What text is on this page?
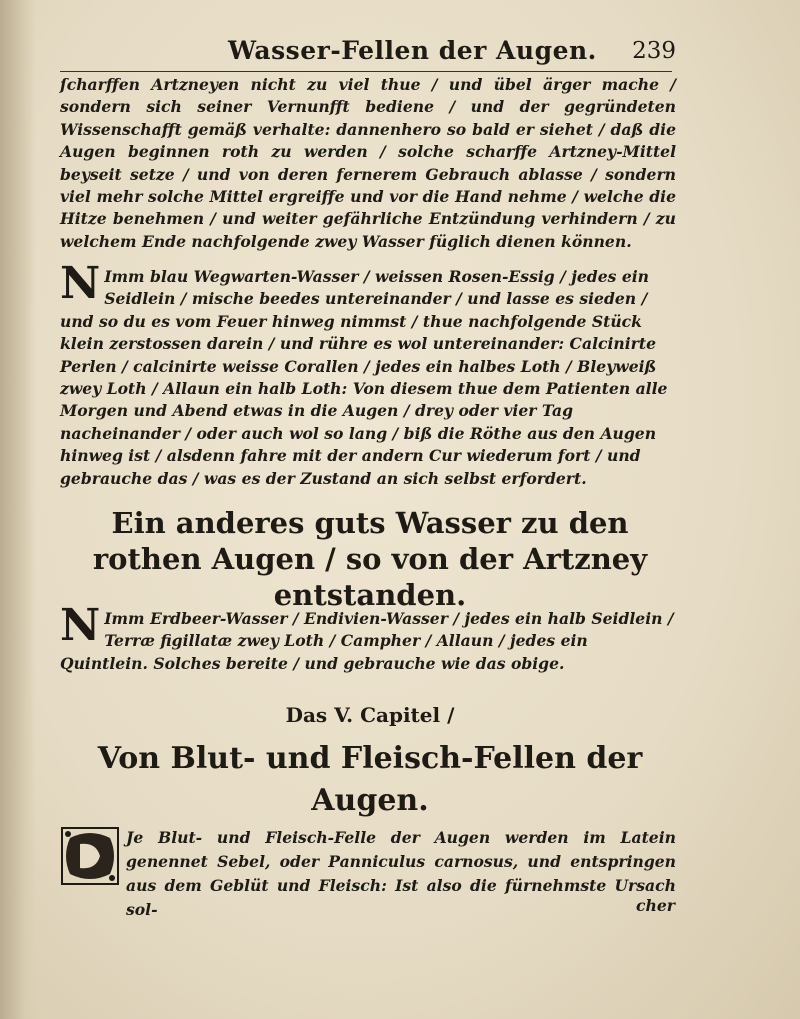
Wasser-Fellen der Augen. 239
ſcharffen Artzneyen nicht zu viel thue / und übel ärger mache / sondern sich seiner Vernunfft bediene / und der gegründeten Wissenschafft gemäß verhalte: dannenhero so bald er siehet / daß die Augen beginnen roth zu werden / solche scharffe Artzney-Mittel beyseit setze / und von deren fernerem Gebrauch ablasse / sondern viel mehr solche Mittel ergreiffe und vor die Hand nehme / welche die Hitze benehmen / und weiter gefährliche Entzündung verhindern / zu welchem Ende nachfolgende zwey Wasser füglich dienen können.
N Imm blau Wegwarten-Wasser / weissen Rosen-Essig / jedes ein Seidlein / mische beedes untereinander / und lasse es sieden / und so du es vom Feuer hinweg nimmst / thue nachfolgende Stück klein zerstossen darein / und rühre es wol untereinander: Calcinirte Perlen / calcinirte weisse Corallen / jedes ein halbes Loth / Bleyweiß zwey Loth / Allaun ein halb Loth: Von diesem thue dem Patienten alle Morgen und Abend etwas in die Augen / drey oder vier Tag nacheinander / oder auch wol so lang / biß die Röthe aus den Augen hinweg ist / alsdenn fahre mit der andern Cur wiederum fort / und gebrauche das / was es der Zustand an sich selbst erfordert.
Ein anderes guts Wasser zu den rothen Augen / so von der Artzney entstanden.
N Imm Erdbeer-Wasser / Endivien-Wasser / jedes ein halb Seidlein / Terræ figillatæ zwey Loth / Campher / Allaun / jedes ein Quintlein. Solches bereite / und gebrauche wie das obige.
Das V. Capitel /
Von Blut- und Fleisch-Fellen der Augen.
Je Blut- und Fleisch-Felle der Augen werden im Latein genennet Sebel, oder Panniculus carnosus, und entspringen aus dem Geblüt und Fleisch: Ist also die fürnehmste Ursach sol-	cher
